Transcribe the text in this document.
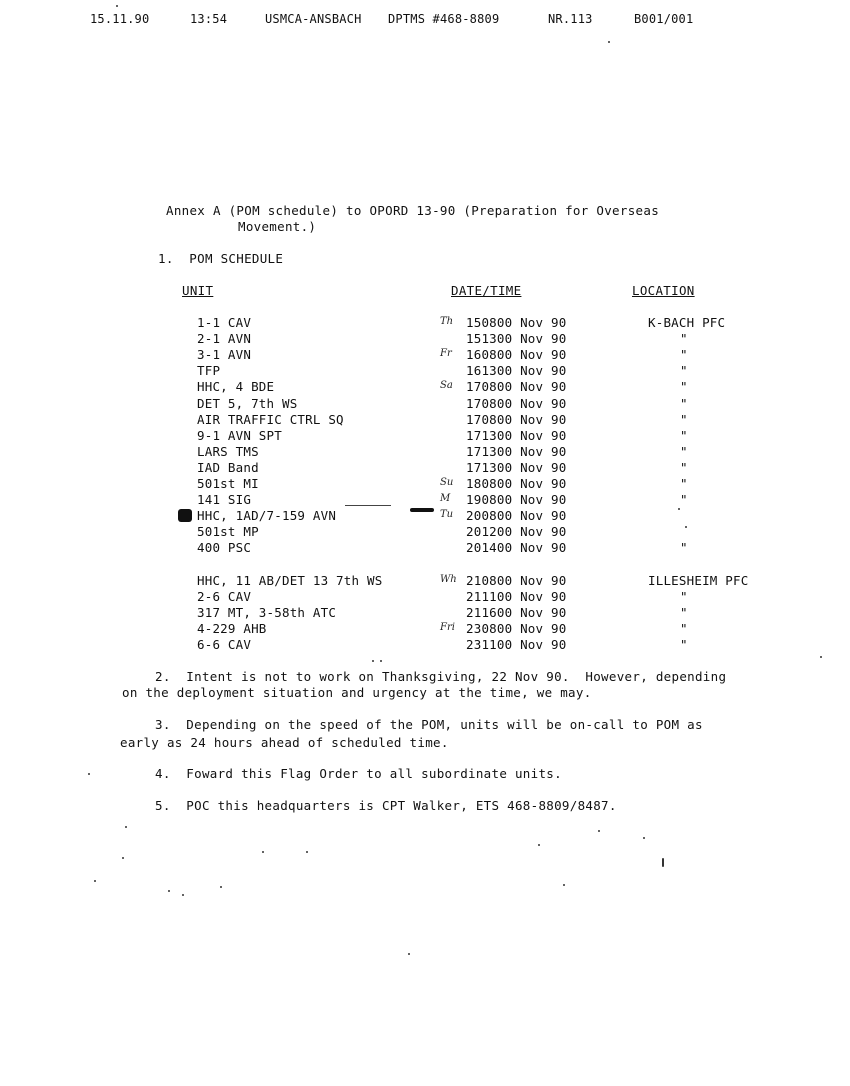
15.11.90	13:54	USMCA-ANSBACH DPTMS #468-8809	NR.113	B001/001
Annex A (POM schedule) to OPORD 13-90 (Preparation for Overseas
Movement.)
1.  POM SCHEDULE
UNIT	DATE/TIME	LOCATION
1-1 CAV	Th 150800 Nov 90	K-BACH PFC
2-1 AVN	151300 Nov 90	"
3-1 AVN	Fr 160800 Nov 90	"
TFP	161300 Nov 90	"
HHC, 4 BDE	Sa 170800 Nov 90	"
DET 5, 7th WS	170800 Nov 90	"
AIR TRAFFIC CTRL SQ	170800 Nov 90	"
9-1 AVN SPT	171300 Nov 90	"
LARS TMS	171300 Nov 90	"
IAD Band	171300 Nov 90	"
501st MI	Su 180800 Nov 90	"
141 SIG	M 190800 Nov 90	"
HHC, 1AD/7-159 AVN	Tu 200800 Nov 90
501st MP	201200 Nov 90
400 PSC	201400 Nov 90	"
HHC, 11 AB/DET 13 7th WS	Wh 210800 Nov 90	ILLESHEIM PFC
2-6 CAV	211100 Nov 90	"
317 MT, 3-58th ATC	211600 Nov 90	"
4-229 AHB	Fri 230800 Nov 90	"
6-6 CAV	231100 Nov 90	"
2.  Intent is not to work on Thanksgiving, 22 Nov 90.  However, depending
on the deployment situation and urgency at the time, we may.
3.  Depending on the speed of the POM, units will be on-call to POM as
early as 24 hours ahead of scheduled time.
4.  Foward this Flag Order to all subordinate units.
5.  POC this headquarters is CPT Walker, ETS 468-8809/8487.
